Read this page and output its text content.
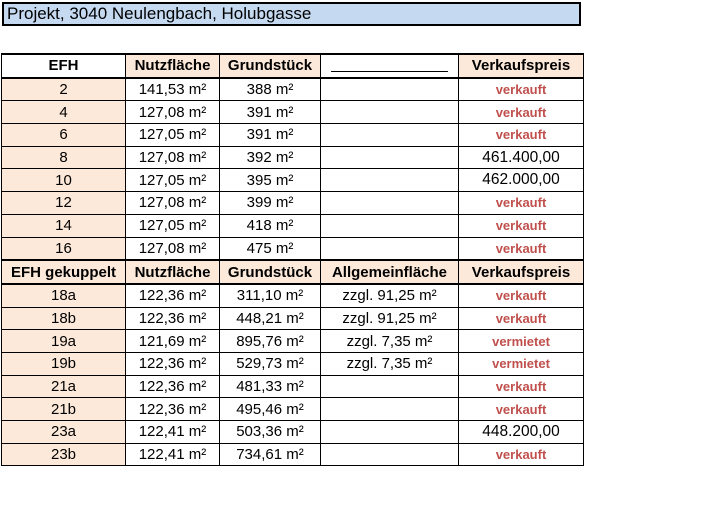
Projekt, 3040 Neulengbach, Holubgasse
EFH	Nutzfläche	Grundstück	______________	Verkaufspreis
2	141,53 m²	388 m²		verkauft
4	127,08 m²	391 m²		verkauft
6	127,05 m²	391 m²		verkauft
8	127,08 m²	392 m²		461.400,00
10	127,05 m²	395 m²		462.000,00
12	127,08 m²	399 m²		verkauft
14	127,05 m²	418 m²		verkauft
16	127,08 m²	475 m²		verkauft
EFH gekuppelt	Nutzfläche	Grundstück	Allgemeinfläche	Verkaufspreis
18a	122,36 m²	311,10 m²	zzgl. 91,25 m²	verkauft
18b	122,36 m²	448,21 m²	zzgl. 91,25 m²	verkauft
19a	121,69 m²	895,76 m²	zzgl. 7,35 m²	vermietet
19b	122,36 m²	529,73 m²	zzgl. 7,35 m²	vermietet
21a	122,36 m²	481,33 m²		verkauft
21b	122,36 m²	495,46 m²		verkauft
23a	122,41 m²	503,36 m²		448.200,00
23b	122,41 m²	734,61 m²		verkauft
